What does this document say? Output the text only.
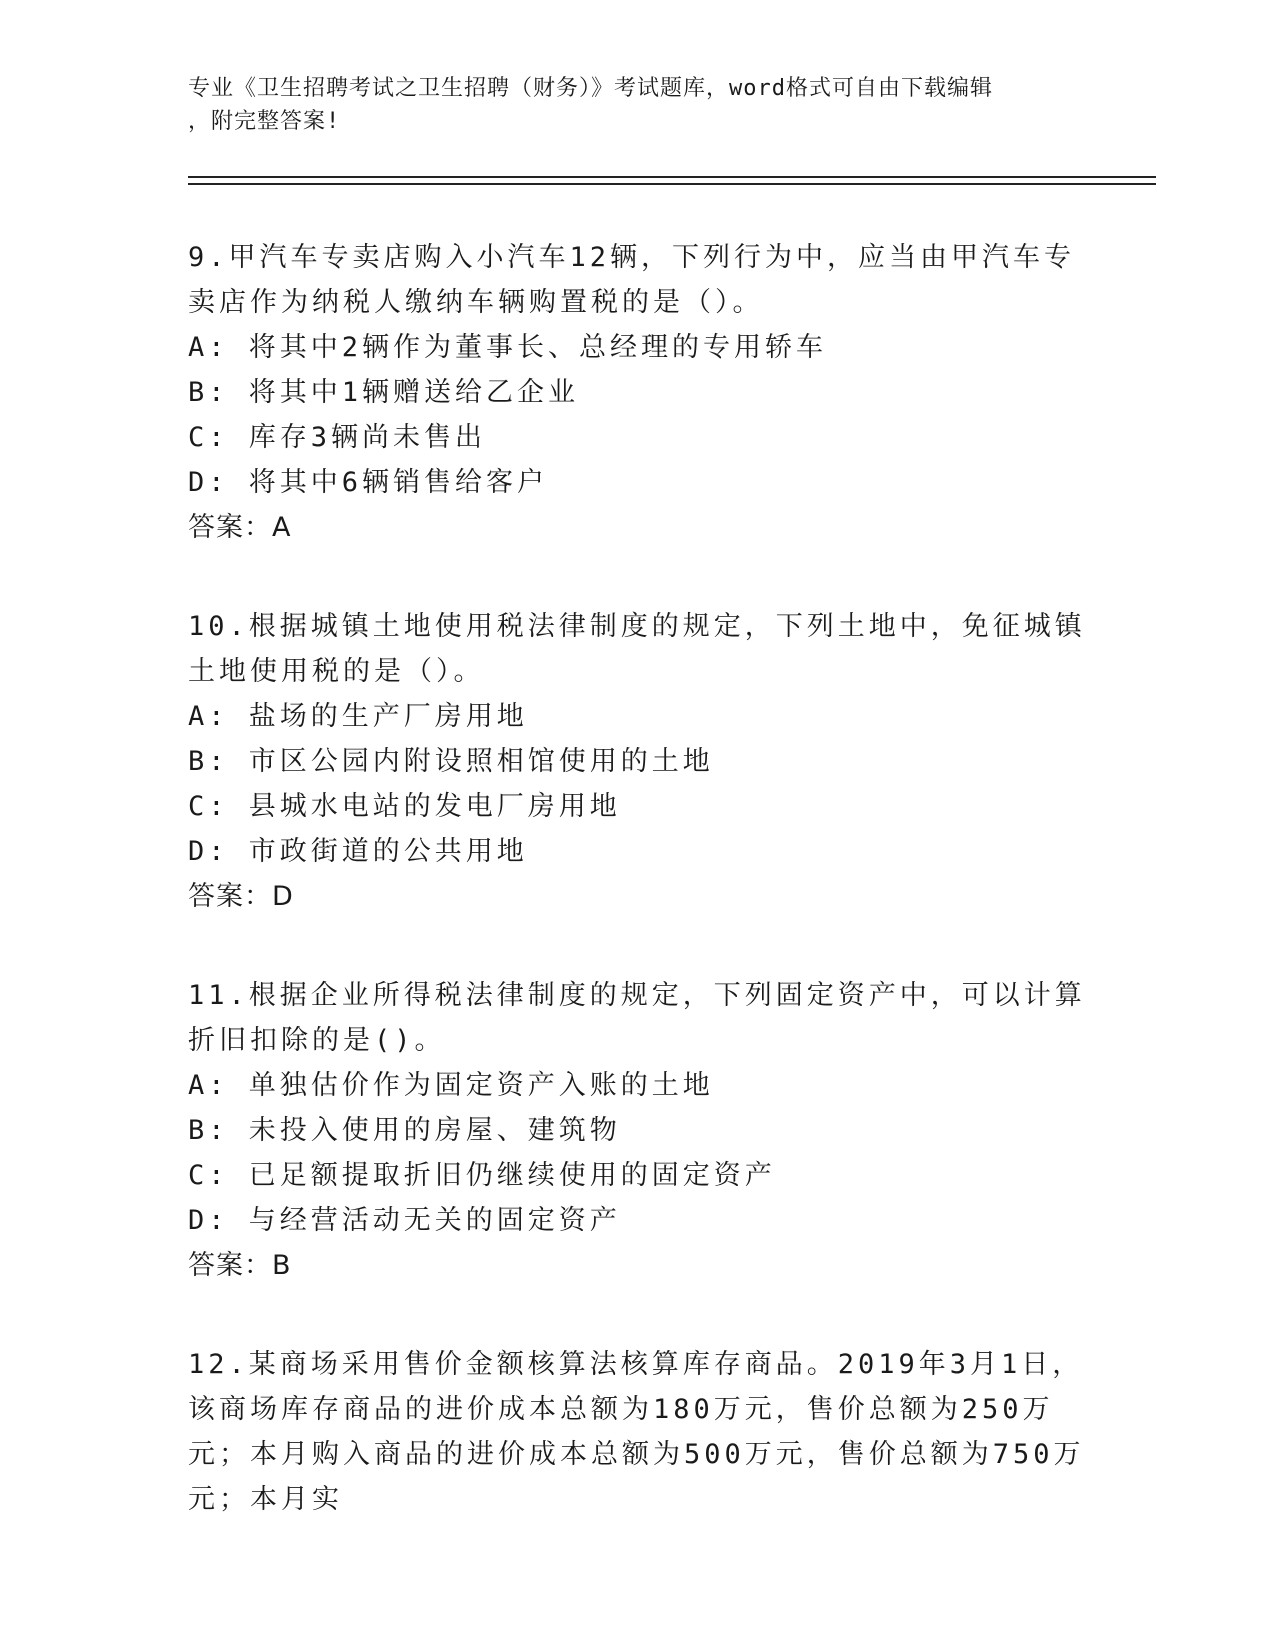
专业《卫生招聘考试之卫生招聘（财务）》考试题库，word格式可自由下载编辑
，附完整答案!

9.甲汽车专卖店购入小汽车12辆，下列行为中，应当由甲汽车专卖店作为纳税人缴纳车辆购置税的是（）。

A: 将其中2辆作为董事长、总经理的专用轿车

B: 将其中1辆赠送给乙企业

C: 库存3辆尚未售出

D: 将其中6辆销售给客户

答案：A

10.根据城镇土地使用税法律制度的规定，下列土地中，免征城镇土地使用税的是（）。

A: 盐场的生产厂房用地

B: 市区公园内附设照相馆使用的土地

C: 县城水电站的发电厂房用地

D: 市政街道的公共用地

答案：D

11.根据企业所得税法律制度的规定，下列固定资产中，可以计算折旧扣除的是()。

A: 单独估价作为固定资产入账的土地

B: 未投入使用的房屋、建筑物

C: 已足额提取折旧仍继续使用的固定资产

D: 与经营活动无关的固定资产

答案：B

12.某商场采用售价金额核算法核算库存商品。2019年3月1日，该商场库存商品的进价成本总额为180万元，售价总额为250万元；本月购入商品的进价成本总额为500万元，售价总额为750万元；本月实
